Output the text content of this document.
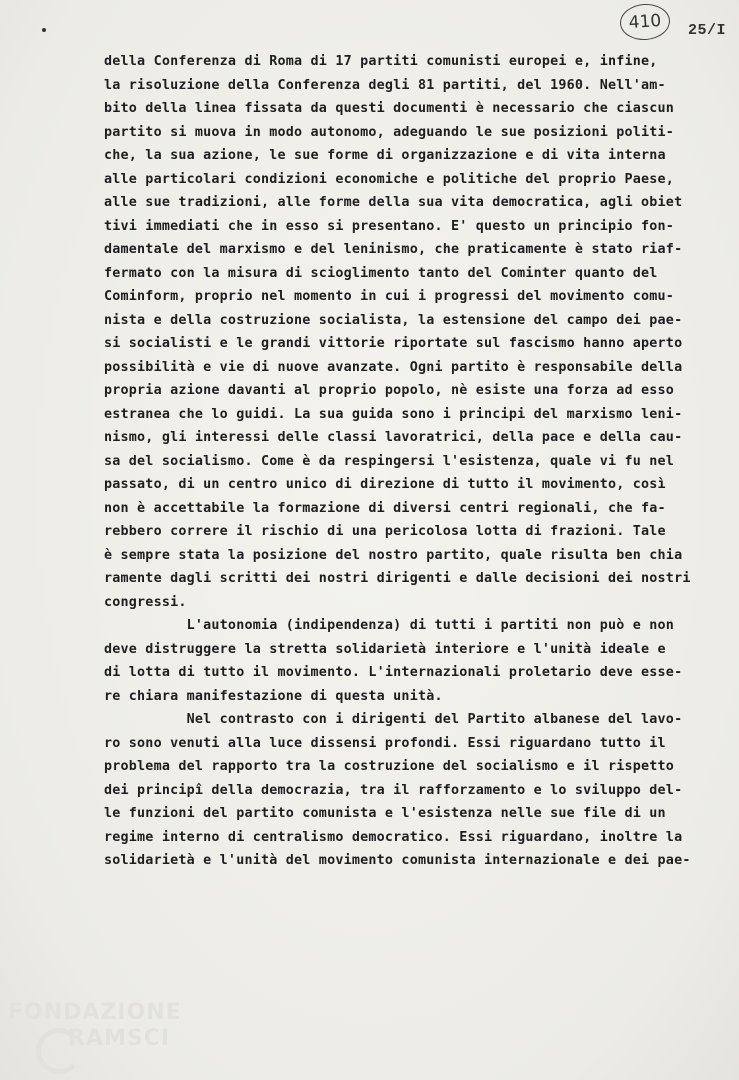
410	25/I
della Conferenza di Roma di 17 partiti comunisti europei e, infine,
la risoluzione della Conferenza degli 81 partiti, del 1960. Nell'am-
bito della linea fissata da questi documenti è necessario che ciascun
partito si muova in modo autonomo, adeguando le sue posizioni politi-
che, la sua azione, le sue forme di organizzazione e di vita interna
alle particolari condizioni economiche e politiche del proprio Paese,
alle sue tradizioni, alle forme della sua vita democratica, agli obiet
tivi immediati che in esso si presentano. E' questo un principio fon-
damentale del marxismo e del leninismo, che praticamente è stato riaf-
fermato con la misura di scioglimento tanto del Cominter quanto del
Cominform, proprio nel momento in cui i progressi del movimento comu-
nista e della costruzione socialista, la estensione del campo dei pae-
si socialisti e le grandi vittorie riportate sul fascismo hanno aperto
possibilità e vie di nuove avanzate. Ogni partito è responsabile della
propria azione davanti al proprio popolo, nè esiste una forza ad esso
estranea che lo guidi. La sua guida sono i principi del marxismo leni-
nismo, gli interessi delle classi lavoratrici, della pace e della cau-
sa del socialismo. Come è da respingersi l'esistenza, quale vi fu nel
passato, di un centro unico di direzione di tutto il movimento, così
non è accettabile la formazione di diversi centri regionali, che fa-
rebbero correre il rischio di una pericolosa lotta di frazioni. Tale
è sempre stata la posizione del nostro partito, quale risulta ben chia
ramente dagli scritti dei nostri dirigenti e dalle decisioni dei nostri
congressi.
L'autonomia (indipendenza) di tutti i partiti non può e non
deve distruggere la stretta solidarietà interiore e l'unità ideale e
di lotta di tutto il movimento. L'internazionali proletario deve esse-
re chiara manifestazione di questa unità.
Nel contrasto con i dirigenti del Partito albanese del lavo-
ro sono venuti alla luce dissensi profondi. Essi riguardano tutto il
problema del rapporto tra la costruzione del socialismo e il rispetto
dei principî della democrazia, tra il rafforzamento e lo sviluppo del-
le funzioni del partito comunista e l'esistenza nelle sue file di un
regime interno di centralismo democratico. Essi riguardano, inoltre la
solidarietà e l'unità del movimento comunista internazionale e dei pae-
FONDAZIONE
RAMSCI
